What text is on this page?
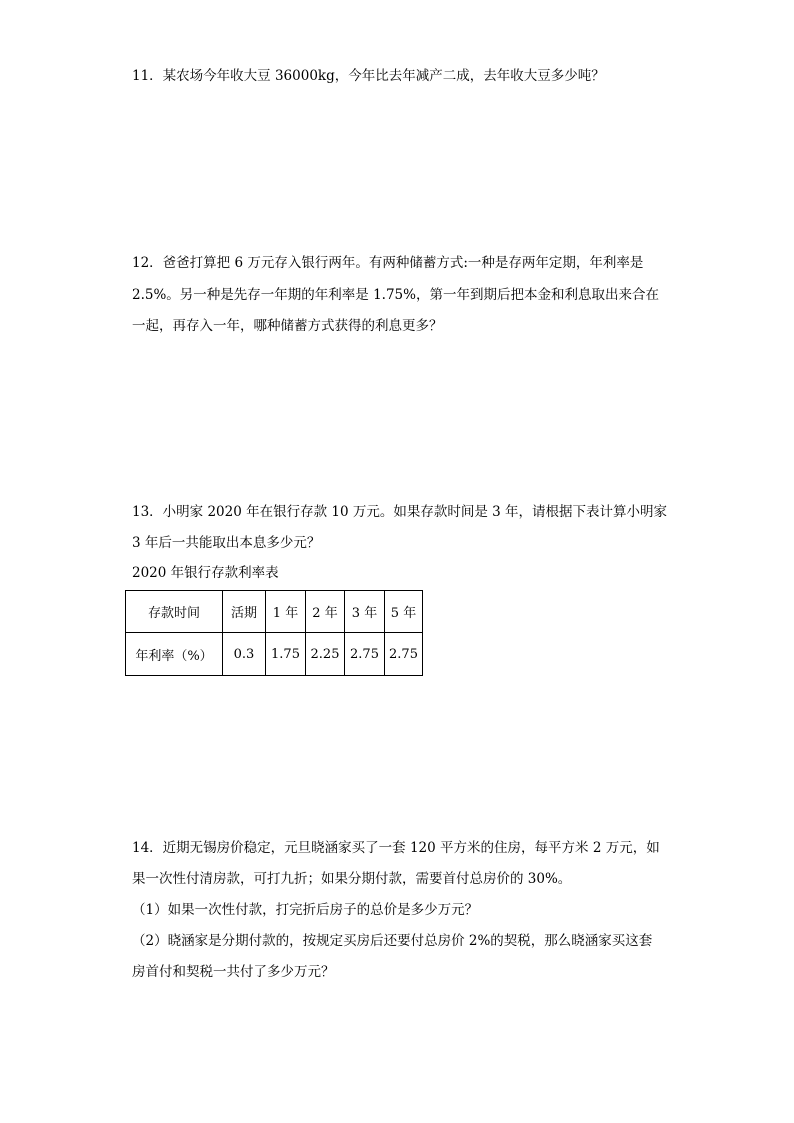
11．某农场今年收大豆 36000kg，今年比去年减产二成，去年收大豆多少吨？
12．爸爸打算把 6 万元存入银行两年。有两种储蓄方式:一种是存两年定期，年利率是
2.5%。另一种是先存一年期的年利率是 1.75%，第一年到期后把本金和利息取出来合在
一起，再存入一年，哪种储蓄方式获得的利息更多？
13．小明家 2020 年在银行存款 10 万元。如果存款时间是 3 年，请根据下表计算小明家
3 年后一共能取出本息多少元？
2020 年银行存款利率表
存款时间	活期	1 年	2 年	3 年	5 年
年利率（%）	0.3	1.75	2.25	2.75	2.75
14．近期无锡房价稳定，元旦晓涵家买了一套 120 平方米的住房，每平方米 2 万元，如
果一次性付清房款，可打九折；如果分期付款，需要首付总房价的 30%。
（1）如果一次性付款，打完折后房子的总价是多少万元？
（2）晓涵家是分期付款的，按规定买房后还要付总房价 2%的契税，那么晓涵家买这套
房首付和契税一共付了多少万元？
